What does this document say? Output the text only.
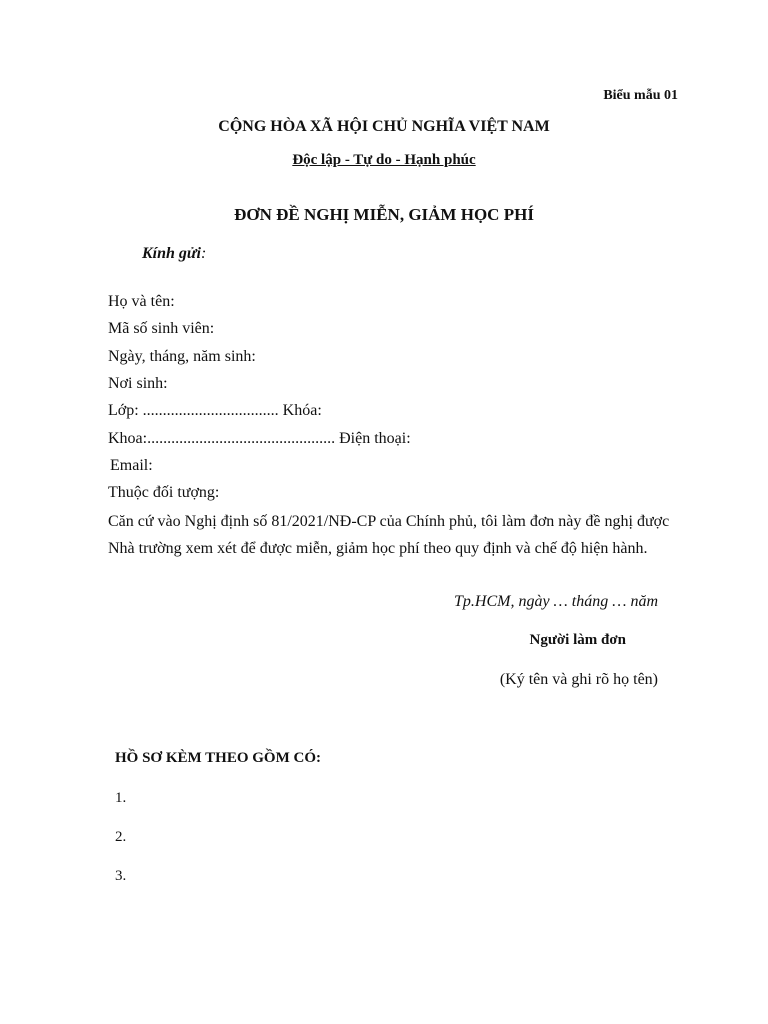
Biểu mẫu 01
CỘNG HÒA XÃ HỘI CHỦ NGHĨA VIỆT NAM
Độc lập - Tự do - Hạnh phúc
ĐƠN ĐỀ NGHỊ MIỄN, GIẢM HỌC PHÍ
Kính gửi:
Họ và tên:
Mã số sinh viên:
Ngày, tháng, năm sinh:
Nơi sinh:
Lớp: .................................. Khóa:
Khoa:............................................... Điện thoại:
Email:
Thuộc đối tượng:
Căn cứ vào Nghị định số 81/2021/NĐ-CP của Chính phủ, tôi làm đơn này đề nghị được Nhà trường xem xét để được miễn, giảm học phí theo quy định và chế độ hiện hành.
Tp.HCM, ngày … tháng … năm
Người làm đơn
(Ký tên và ghi rõ họ tên)
HỒ SƠ KÈM THEO GỒM CÓ:
1.
2.
3.
